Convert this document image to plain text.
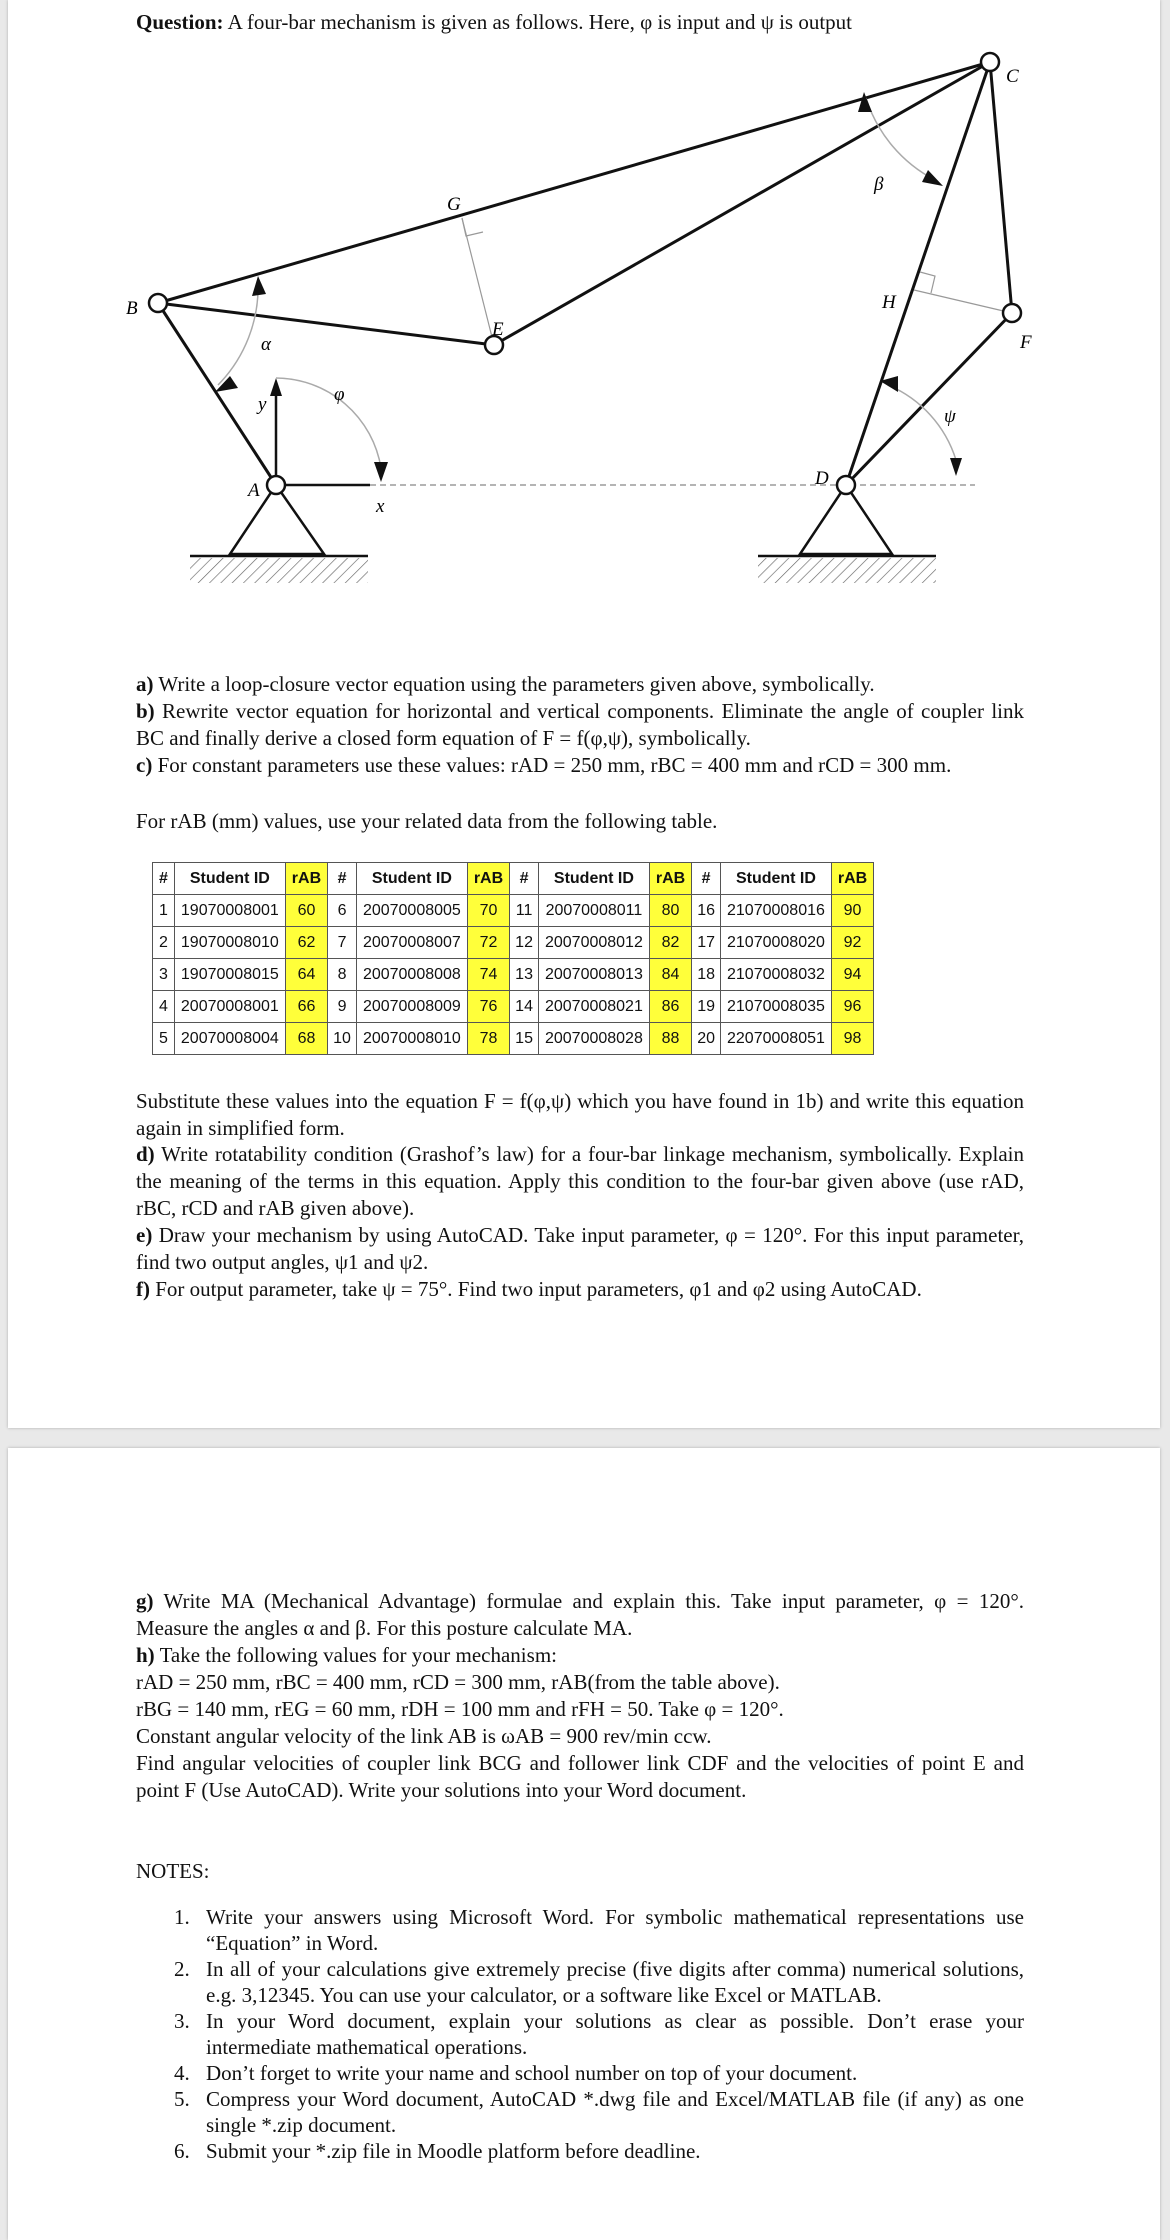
Question: A four-bar mechanism is given as follows. Here, φ is input and ψ is output
C
G
β
H
B
E
F
α
y	φ
ψ
A
D
x
a) Write a loop-closure vector equation using the parameters given above, symbolically.
b) Rewrite vector equation for horizontal and vertical components. Eliminate the angle of coupler link BC and finally derive a closed form equation of F = f(φ,ψ), symbolically.
c) For constant parameters use these values: rAD = 250 mm, rBC = 400 mm and rCD = 300 mm.
For rAB (mm) values, use your related data from the following table.
#	Student ID	rAB	#	Student ID	rAB	#	Student ID	rAB	#	Student ID	rAB
1	19070008001	60	6	20070008005	70	11	20070008011	80	16	21070008016	90
2	19070008010	62	7	20070008007	72	12	20070008012	82	17	21070008020	92
3	19070008015	64	8	20070008008	74	13	20070008013	84	18	21070008032	94
4	20070008001	66	9	20070008009	76	14	20070008021	86	19	21070008035	96
5	20070008004	68	10	20070008010	78	15	20070008028	88	20	22070008051	98
Substitute these values into the equation F = f(φ,ψ) which you have found in 1b) and write this equation again in simplified form.
d) Write rotatability condition (Grashof’s law) for a four-bar linkage mechanism, symbolically. Explain the meaning of the terms in this equation. Apply this condition to the four-bar given above (use rAD, rBC, rCD and rAB given above).
e) Draw your mechanism by using AutoCAD. Take input parameter, φ = 120°. For this input parameter, find two output angles, ψ1 and ψ2.
f) For output parameter, take ψ = 75°. Find two input parameters, φ1 and φ2 using AutoCAD.
g) Write MA (Mechanical Advantage) formulae and explain this. Take input parameter, φ = 120°. Measure the angles α and β. For this posture calculate MA.
h) Take the following values for your mechanism:
rAD = 250 mm, rBC = 400 mm, rCD = 300 mm, rAB(from the table above).
rBG = 140 mm, rEG = 60 mm, rDH = 100 mm and rFH = 50. Take φ = 120°.
Constant angular velocity of the link AB is ωAB = 900 rev/min ccw.
Find angular velocities of coupler link BCG and follower link CDF and the velocities of point E and point F (Use AutoCAD). Write your solutions into your Word document.
NOTES:
1. Write your answers using Microsoft Word. For symbolic mathematical representations use “Equation” in Word.
2. In all of your calculations give extremely precise (five digits after comma) numerical solutions, e.g. 3,12345. You can use your calculator, or a software like Excel or MATLAB.
3. In your Word document, explain your solutions as clear as possible. Don’t erase your intermediate mathematical operations.
4. Don’t forget to write your name and school number on top of your document.
5. Compress your Word document, AutoCAD *.dwg file and Excel/MATLAB file (if any) as one single *.zip document.
6. Submit your *.zip file in Moodle platform before deadline.
